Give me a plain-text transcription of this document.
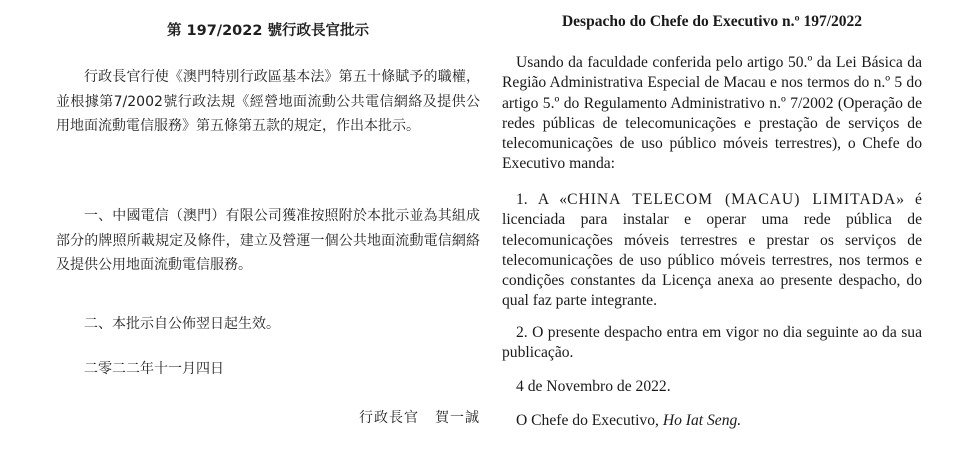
第 197/2022 號行政長官批示

行政長官行使《澳門特別行政區基本法》第五十條賦予的職權，並根據第7/2002號行政法規《經營地面流動公共電信網絡及提供公用地面流動電信服務》第五條第五款的規定，作出本批示。

一、中國電信（澳門）有限公司獲准按照附於本批示並為其組成部分的牌照所載規定及條件，建立及營運一個公共地面流動電信網絡及提供公用地面流動電信服務。

二、本批示自公佈翌日起生效。

二零二二年十一月四日

行政長官 賀一誠
Despacho do Chefe do Executivo n.º 197/2022

Usando da faculdade conferida pelo artigo 50.º da Lei Básica da Região Administrativa Especial de Macau e nos termos do n.º 5 do artigo 5.º do Regulamento Administrativo n.º 7/2002 (Operação de redes públicas de telecomunicações e prestação de serviços de telecomunicações de uso público móveis terrestres), o Chefe do Executivo manda:

1. A «CHINA TELECOM (MACAU) LIMITADA» é licenciada para instalar e operar uma rede pública de telecomunicações móveis terrestres e prestar os serviços de telecomunicações de uso público móveis terrestres, nos termos e condições constantes da Licença anexa ao presente despacho, do qual faz parte integrante.

2. O presente despacho entra em vigor no dia seguinte ao da sua publicação.

4 de Novembro de 2022.

O Chefe do Executivo, Ho Iat Seng.
